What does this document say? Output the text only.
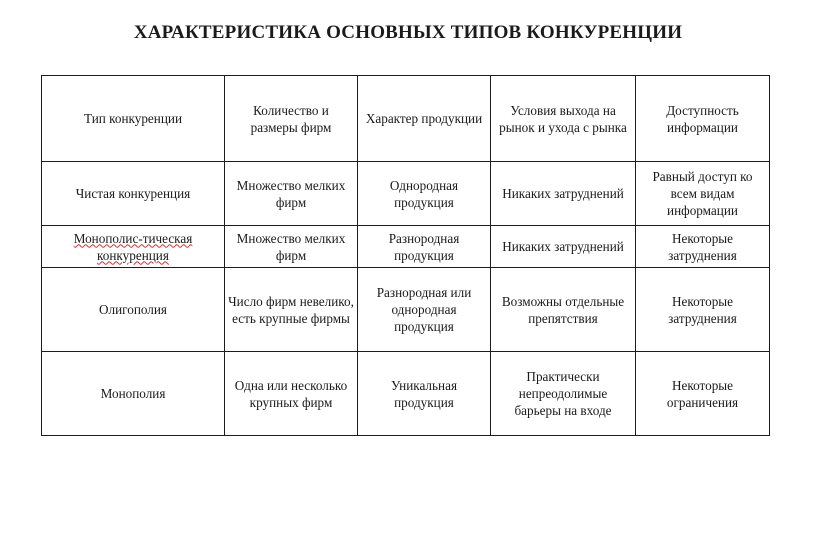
ХАРАКТЕРИСТИКА ОСНОВНЫХ ТИПОВ КОНКУРЕНЦИИ
Тип конкуренции	Количество и размеры фирм	Характер продукции	Условия выхода на рынок и ухода с рынка	Доступность информации
Чистая конкуренция	Множество мелких фирм	Однородная продукция	Никаких затруднений	Равный доступ ко всем видам информации
Монополис-тическая конкуренция	Множество мелких фирм	Разнородная продукция	Никаких затруднений	Некоторые затруднения
Олигополия	Число фирм невелико, есть крупные фирмы	Разнородная или однородная продукция	Возможны отдельные препятствия	Некоторые затруднения
Монополия	Одна или несколько крупных фирм	Уникальная продукция	Практически непреодолимые барьеры на входе	Некоторые ограничения
